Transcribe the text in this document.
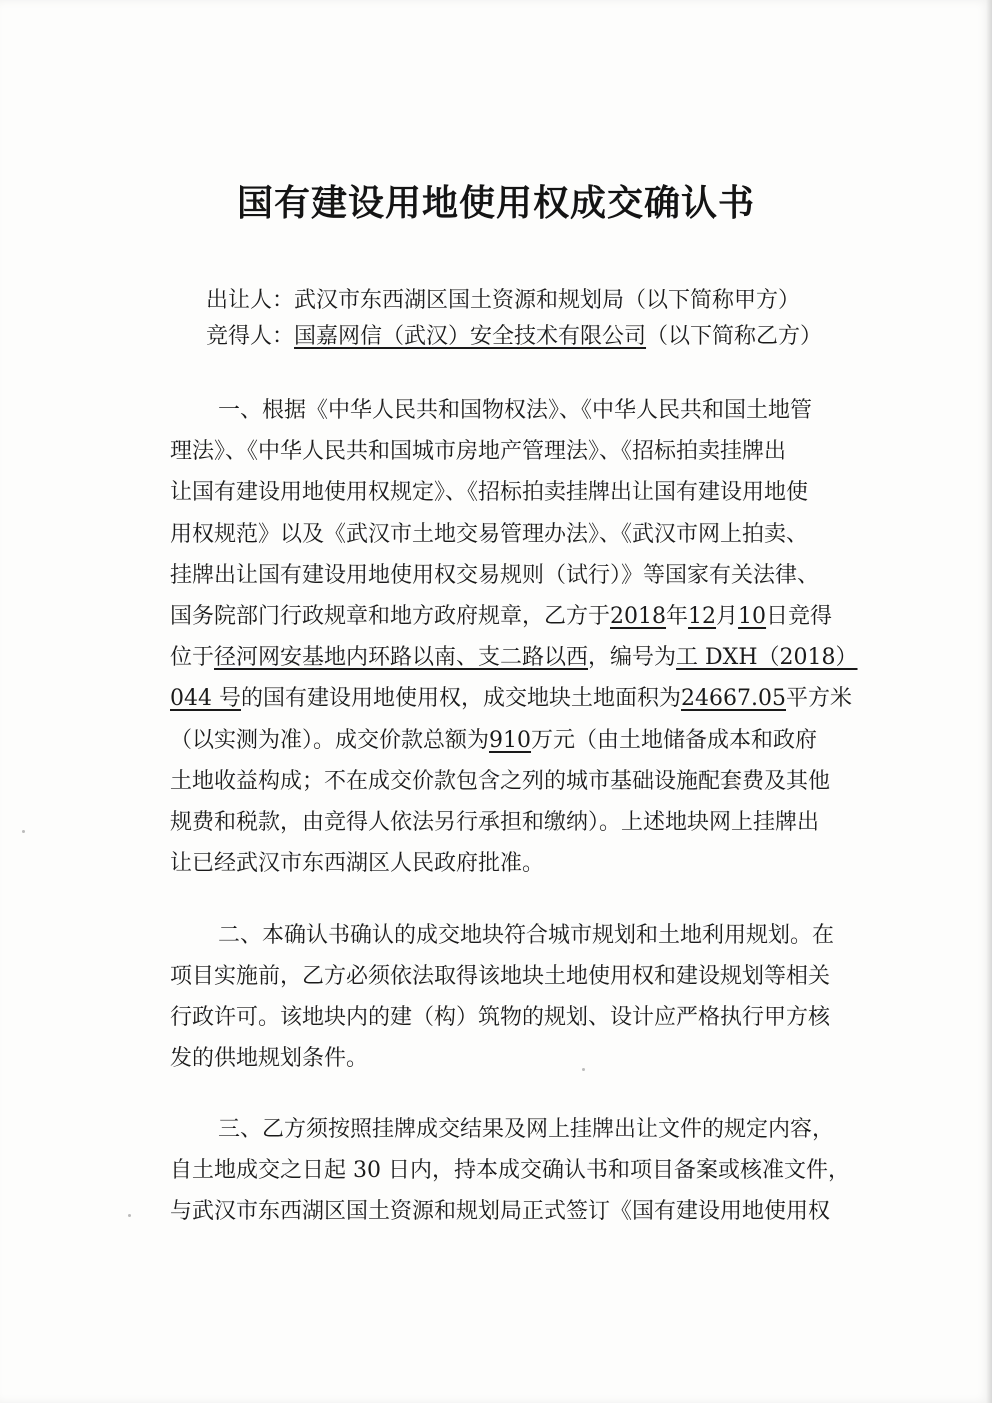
国有建设用地使用权成交确认书
出让人：武汉市东西湖区国土资源和规划局（以下简称甲方）
竞得人：国嘉网信（武汉）安全技术有限公司（以下简称乙方）
一、根据《中华人民共和国物权法》、《中华人民共和国土地管
理法》、《中华人民共和国城市房地产管理法》、《招标拍卖挂牌出
让国有建设用地使用权规定》、《招标拍卖挂牌出让国有建设用地使
用权规范》以及《武汉市土地交易管理办法》、《武汉市网上拍卖、
挂牌出让国有建设用地使用权交易规则（试行）》等国家有关法律、
国务院部门行政规章和地方政府规章，乙方于2018年12月10日竞得
位于径河网安基地内环路以南、支二路以西，编号为工 DXH（2018）
044 号的国有建设用地使用权，成交地块土地面积为24667.05平方米
（以实测为准）。成交价款总额为910万元（由土地储备成本和政府
土地收益构成；不在成交价款包含之列的城市基础设施配套费及其他
规费和税款，由竞得人依法另行承担和缴纳）。上述地块网上挂牌出
让已经武汉市东西湖区人民政府批准。
二、本确认书确认的成交地块符合城市规划和土地利用规划。在
项目实施前，乙方必须依法取得该地块土地使用权和建设规划等相关
行政许可。该地块内的建（构）筑物的规划、设计应严格执行甲方核
发的供地规划条件。
三、乙方须按照挂牌成交结果及网上挂牌出让文件的规定内容，
自土地成交之日起 30 日内，持本成交确认书和项目备案或核准文件，
与武汉市东西湖区国土资源和规划局正式签订《国有建设用地使用权
